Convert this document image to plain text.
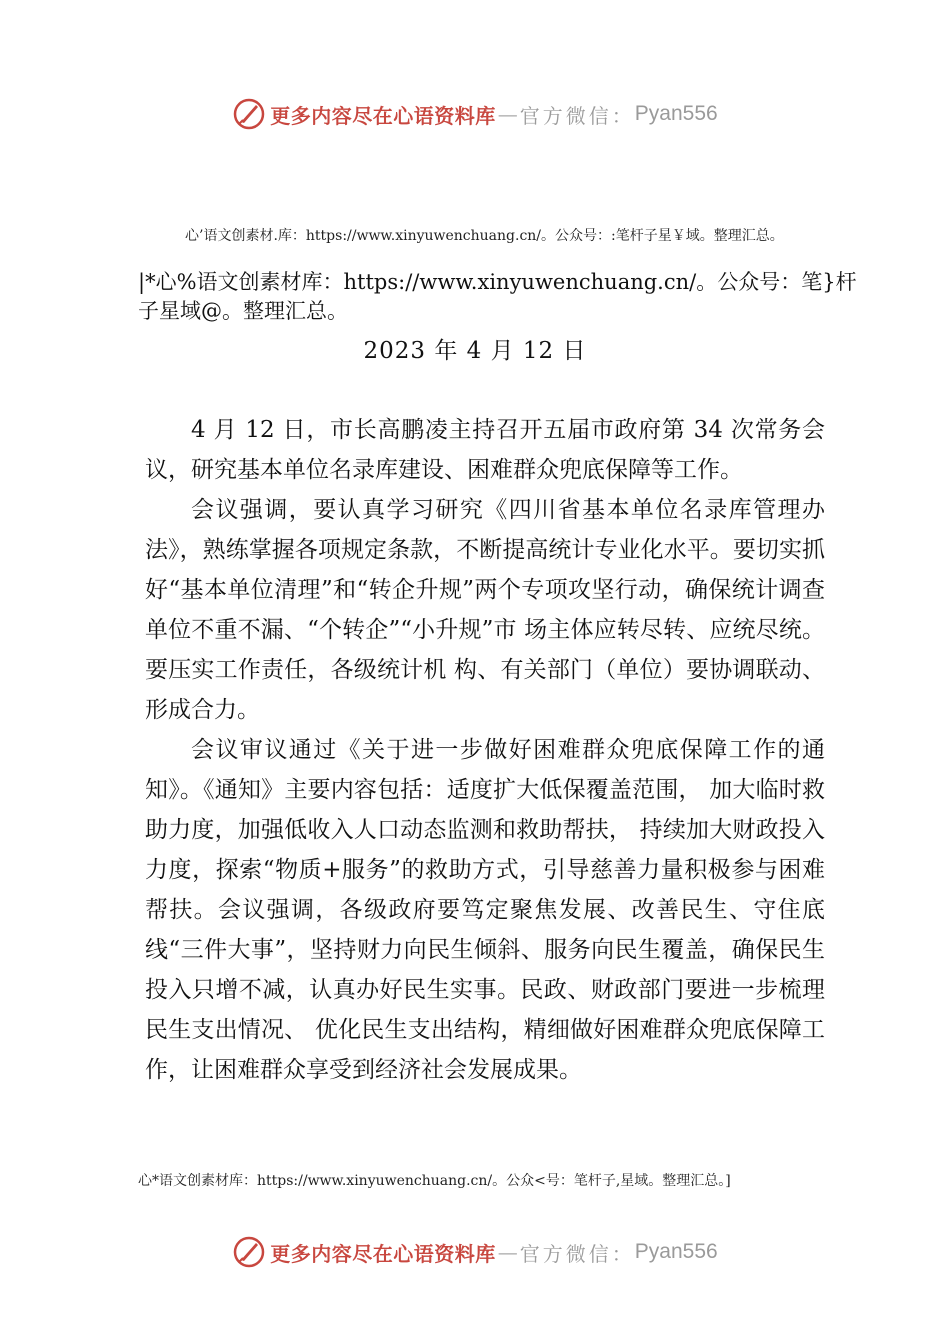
更多内容尽在心语资料库 — 官方微信： Pyan556
心’语文创素材.库：https://www.xinyuwenchuang.cn/。公众号：:笔杆子星￥域。整理汇总。
|*心%语文创素材库：https://www.xinyuwenchuang.cn/。公众号：笔}杆子星域@。整理汇总。
2023 年 4 月 12 日

4 月 12 日，市长高鹏凌主持召开五届市政府第 34 次常务会议，研究基本单位名录库建设、困难群众兜底保障等工作。

会议强调，要认真学习研究《四川省基本单位名录库管理办法》，熟练掌握各项规定条款，不断提高统计专业化水平。要切实抓好“基本单位清理”和“转企升规”两个专项攻坚行动，确保统计调查单位不重不漏、“个转企”“小升规”市 场主体应转尽转、应统尽统。要压实工作责任，各级统计机 构、有关部门（单位）要协调联动、形成合力。

会议审议通过《关于进一步做好困难群众兜底保障工作的通知》。《通知》主要内容包括：适度扩大低保覆盖范围， 加大临时救助力度，加强低收入人口动态监测和救助帮扶， 持续加大财政投入力度，探索“物质+服务”的救助方式，引导慈善力量积极参与困难帮扶。会议强调，各级政府要笃定聚焦发展、改善民生、守住底线“三件大事”，坚持财力向民生倾斜、服务向民生覆盖，确保民生投入只增不减，认真办好民生实事。民政、财政部门要进一步梳理民生支出情况、 优化民生支出结构，精细做好困难群众兜底保障工作，让困难群众享受到经济社会发展成果。

心*语文创素材库：https://www.xinyuwenchuang.cn/。公众<号：笔杆子,星域。整理汇总。]
更多内容尽在心语资料库 — 官方微信： Pyan556
